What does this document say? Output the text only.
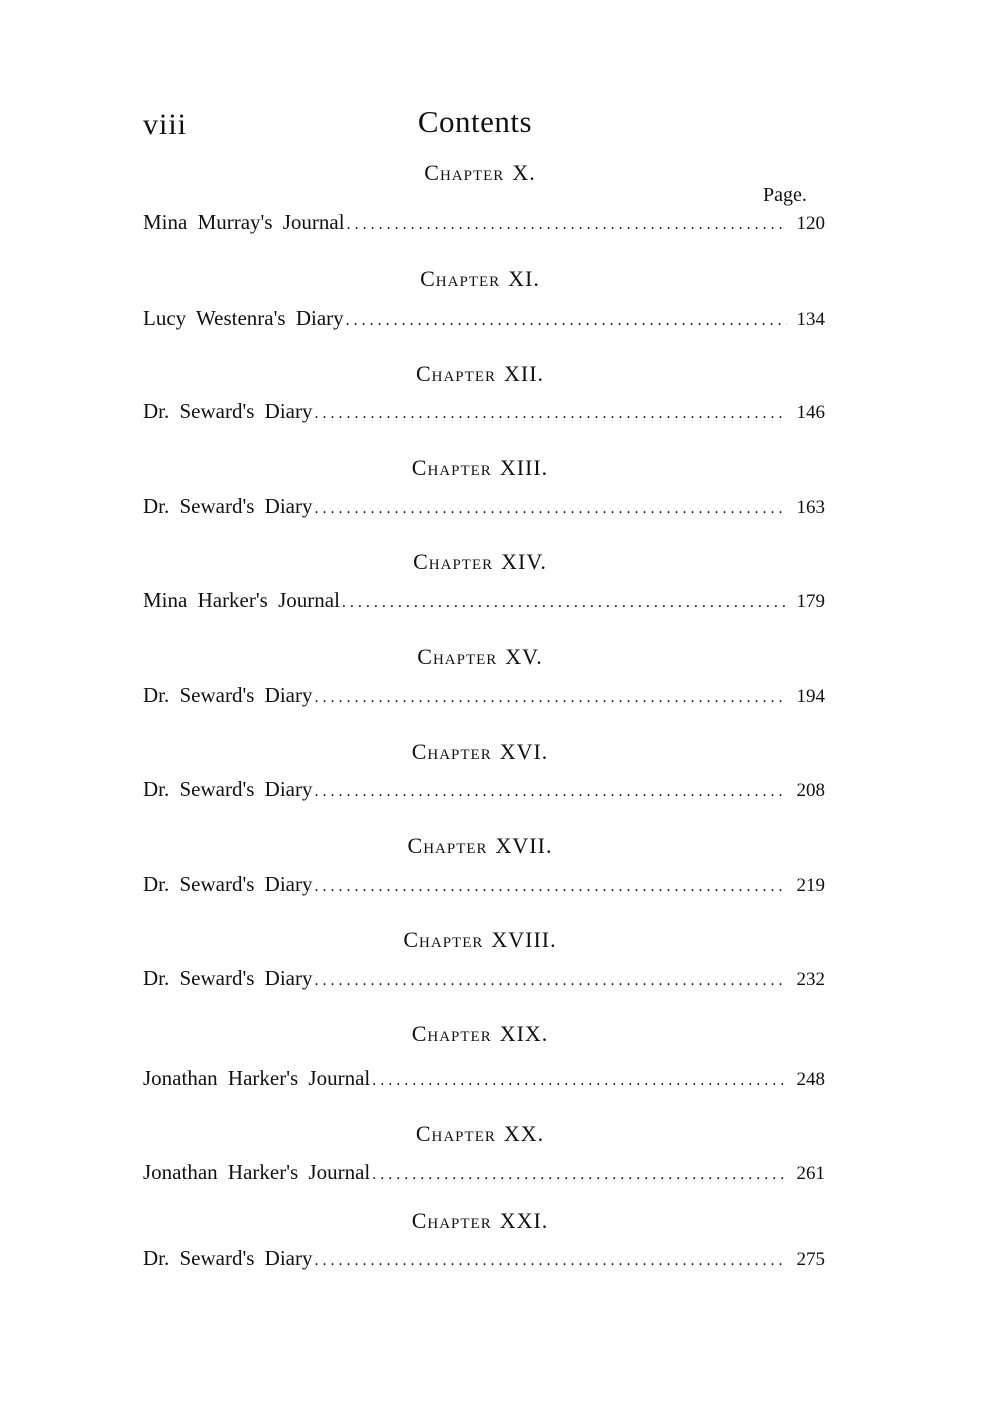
viii	Contents
Chapter X.
Page.
Mina Murray's Journal .....	120
Chapter XI.
Lucy Westenra's Diary .....	134
Chapter XII.
Dr. Seward's Diary .....	146
Chapter XIII.
Dr. Seward's Diary .....	163
Chapter XIV.
Mina Harker's Journal .....	179
Chapter XV.
Dr. Seward's Diary .....	194
Chapter XVI.
Dr. Seward's Diary .....	208
Chapter XVII.
Dr. Seward's Diary .....	219
Chapter XVIII.
Dr. Seward's Diary .....	232
Chapter XIX.
Jonathan Harker's Journal .....	248
Chapter XX.
Jonathan Harker's Journal .....	261
Chapter XXI.
Dr. Seward's Diary .....	275
